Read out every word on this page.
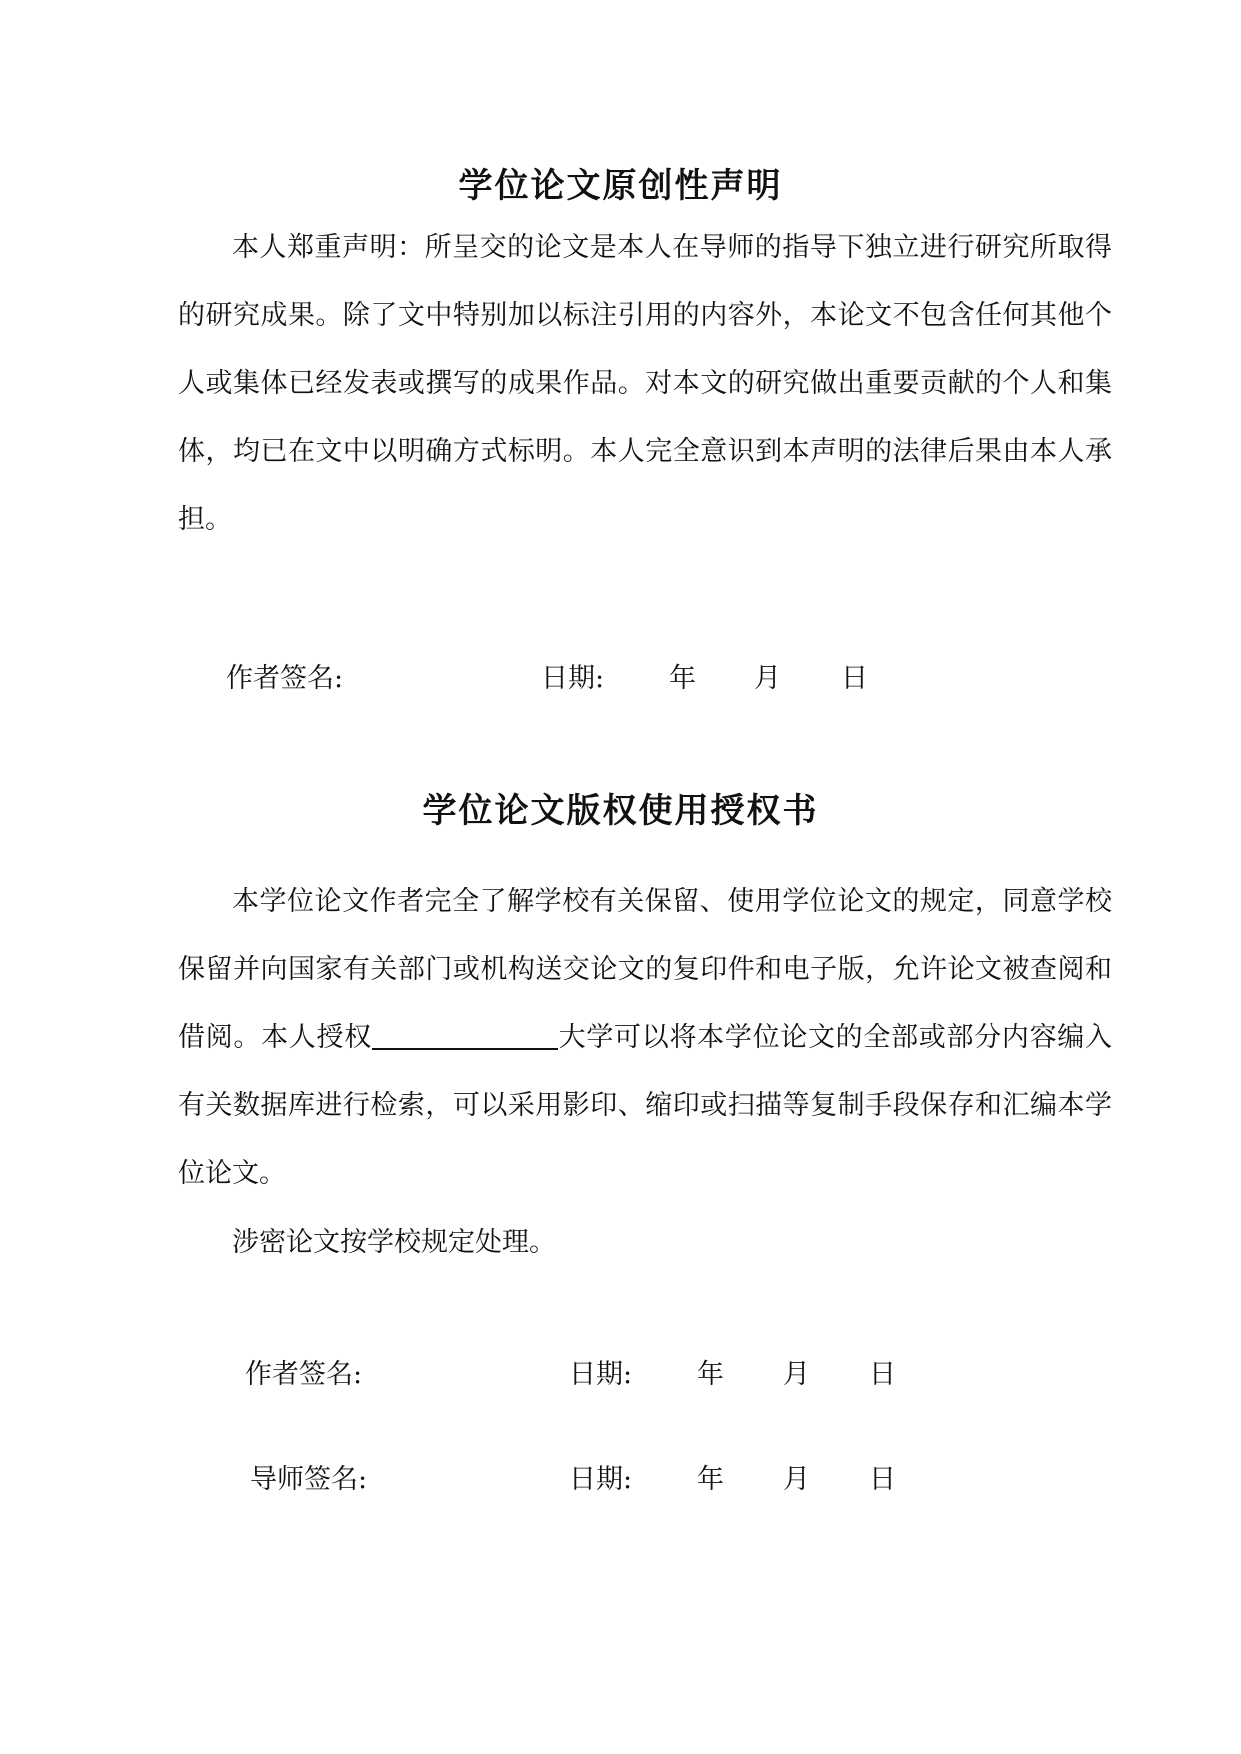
学位论文原创性声明

本人郑重声明：所呈交的论文是本人在导师的指导下独立进行研究所取得的研究成果。除了文中特别加以标注引用的内容外，本论文不包含任何其他个人或集体已经发表或撰写的成果作品。对本文的研究做出重要贡献的个人和集体，均已在文中以明确方式标明。本人完全意识到本声明的法律后果由本人承担。

作者签名:	日期: 年 月 日
学位论文版权使用授权书

本学位论文作者完全了解学校有关保留、使用学位论文的规定，同意学校保留并向国家有关部门或机构送交论文的复印件和电子版，允许论文被查阅和借阅。本人授权	大学可以将本学位论文的全部或部分内容编入有关数据库进行检索，可以采用影印、缩印或扫描等复制手段保存和汇编本学位论文。

涉密论文按学校规定处理。

作者签名:	日期: 年 月 日
导师签名:	日期: 年 月 日
